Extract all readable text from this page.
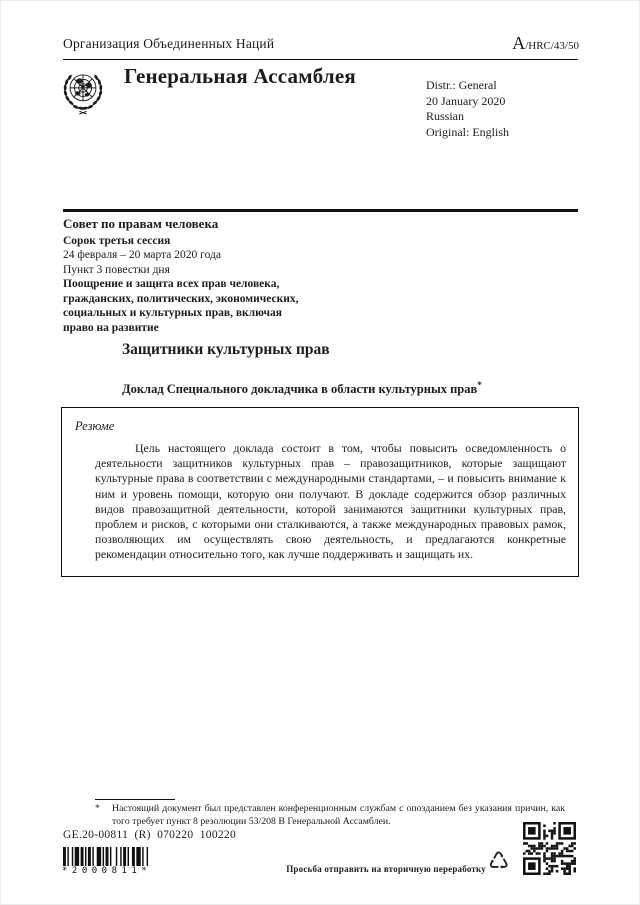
Организация Объединенных Наций	A/HRC/43/50
Генеральная Ассамблея	Distr.: General
20 January 2020
Russian
Original: English
Совет по правам человека
Сорок третья сессия
24 февраля – 20 марта 2020 года
Пункт 3 повестки дня
Поощрение и защита всех прав человека, гражданских, политических, экономических, социальных и культурных прав, включая право на развитие
Защитники культурных прав
Доклад Специального докладчика в области культурных прав*
Резюме
Цель настоящего доклада состоит в том, чтобы повысить осведомленность о деятельности защитников культурных прав – правозащитников, которые защищают культурные права в соответствии с международными стандартами, – и повысить внимание к ним и уровень помощи, которую они получают. В докладе содержится обзор различных видов правозащитной деятельности, которой занимаются защитники культурных прав, проблем и рисков, с которыми они сталкиваются, а также международных правовых рамок, позволяющих им осуществлять свою деятельность, и предлагаются конкретные рекомендации относительно того, как лучше поддерживать и защищать их.
*	Настоящий документ был представлен конференционным службам с опозданием без указания причин, как того требует пункт 8 резолюции 53/208 В Генеральной Ассамблеи.
GE.20-00811  (R)  070220  100220
*2000811*	Просьба отправить на вторичную переработку ♺
